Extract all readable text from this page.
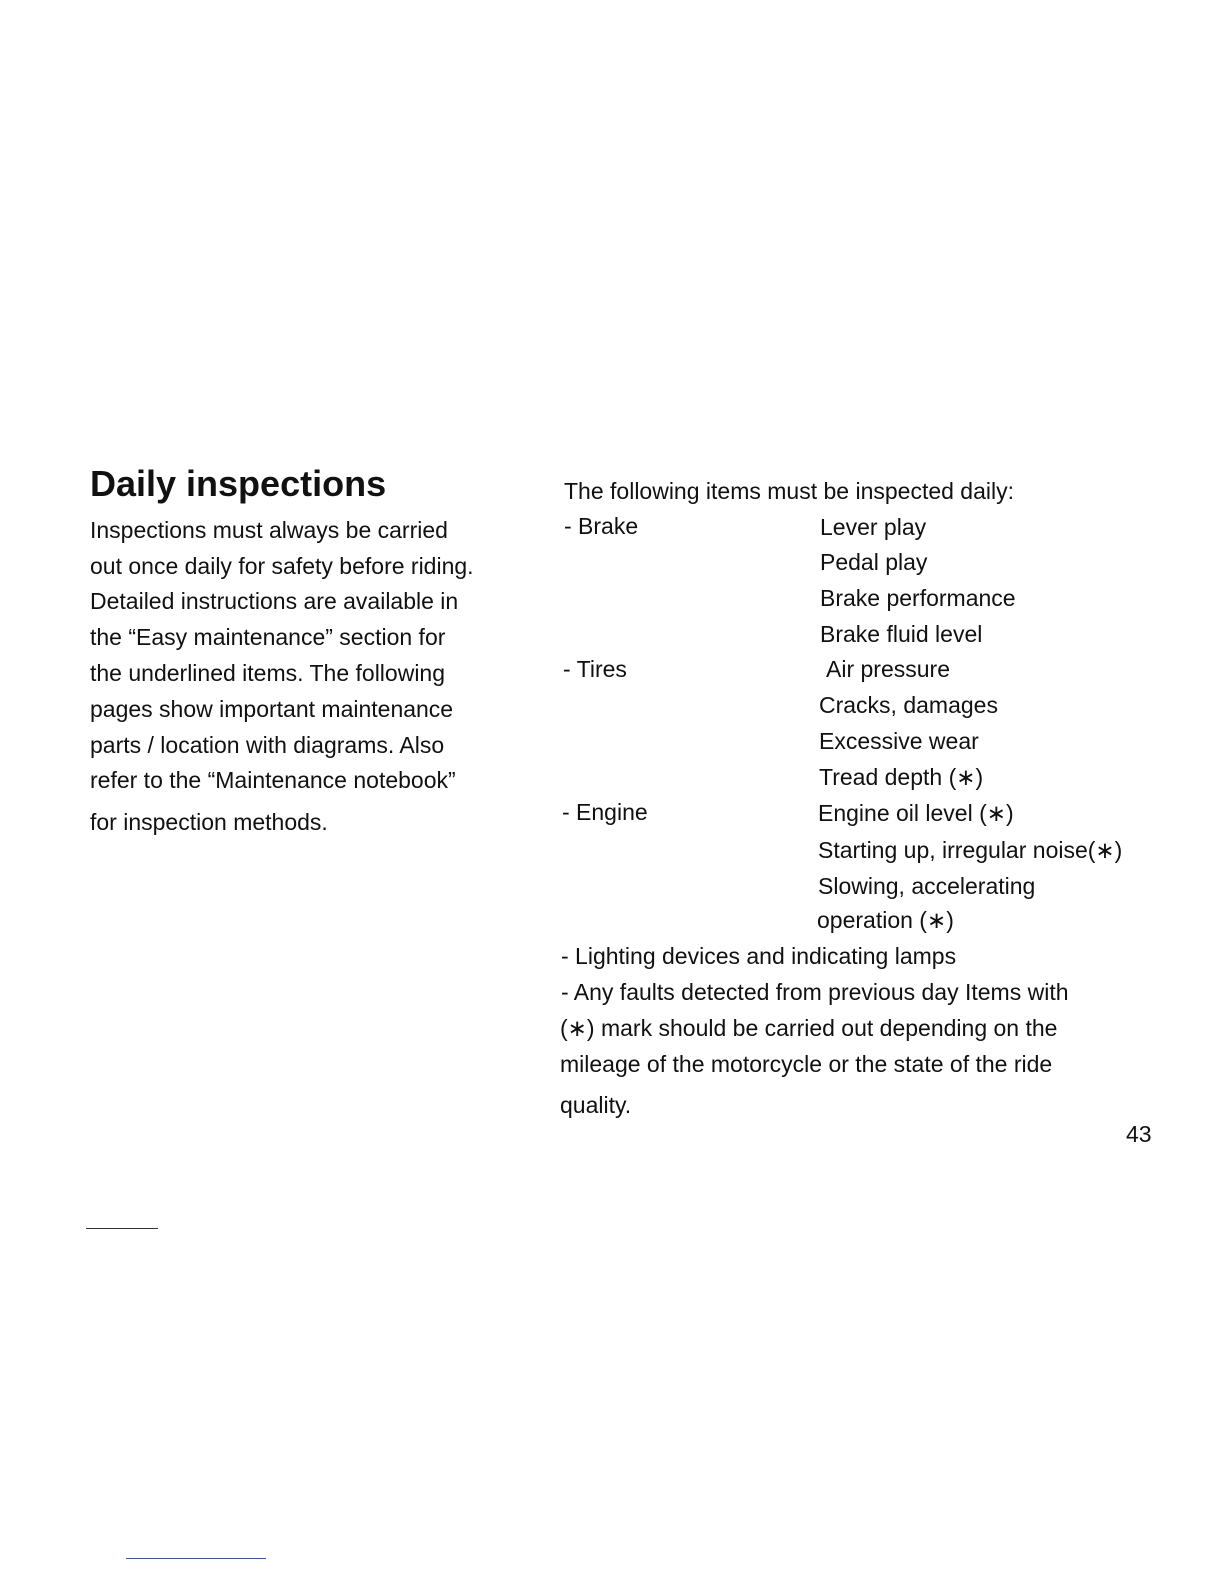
Daily inspections
Inspections must always be carried
out once daily for safety before riding.
Detailed instructions are available in
the “Easy maintenance” section for
the underlined items. The following
pages show important maintenance
parts / location with diagrams. Also
refer to the “Maintenance notebook”
for inspection methods.
The following items must be inspected daily:
- Brake	Lever play
Pedal play
Brake performance
Brake fluid level
- Tires	Air pressure
Cracks, damages
Excessive wear
Tread depth (∗)
- Engine	Engine oil level (∗)
Starting up, irregular noise(∗)
Slowing, accelerating
operation (∗)
- Lighting devices and indicating lamps
- Any faults detected from previous day Items with
(∗) mark should be carried out depending on the
mileage of the motorcycle or the state of the ride
quality.
43
